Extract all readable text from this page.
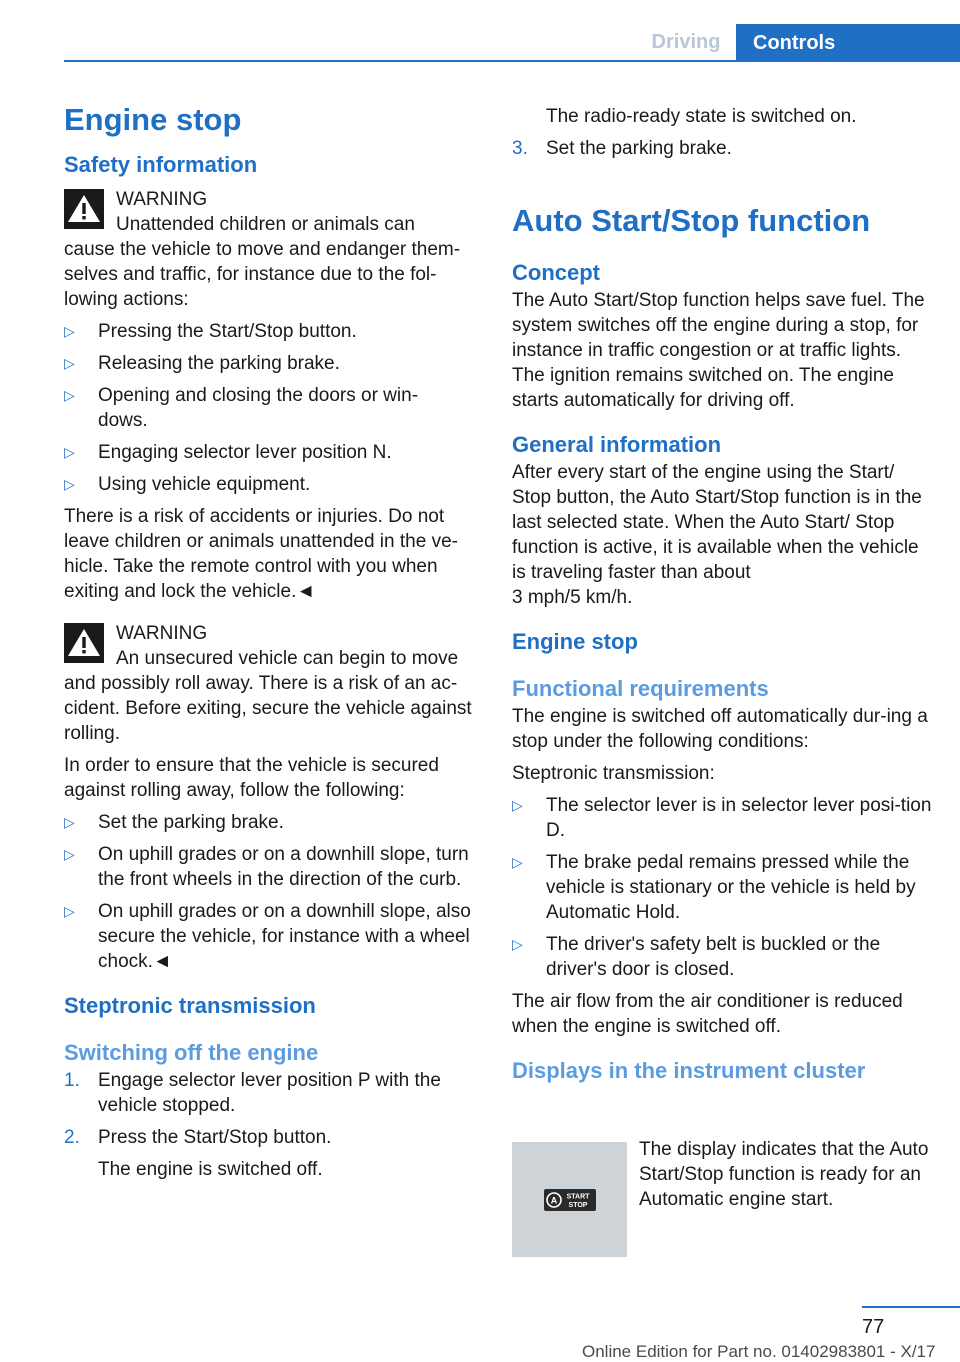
Driving	Controls
Engine stop
Safety information

WARNING

Unattended children or animals can

cause the vehicle to move and endanger them-
selves and traffic, for instance due to the fol-
lowing actions:

▷ Pressing the Start/Stop button.
▷ Releasing the parking brake.
▷ Opening and closing the doors or win-
dows.
▷ Engaging selector lever position N.
▷ Using vehicle equipment.

There is a risk of accidents or injuries. Do not leave children or animals unattended in the ve-hicle. Take the remote control with you when exiting and lock the vehicle.◄

WARNING

An unsecured vehicle can begin to move

and possibly roll away. There is a risk of an ac-cident. Before exiting, secure the vehicle against rolling.

In order to ensure that the vehicle is secured against rolling away, follow the following:

▷ Set the parking brake.
▷ On uphill grades or on a downhill slope, turn the front wheels in the direction of the curb.
▷ On uphill grades or on a downhill slope, also secure the vehicle, for instance with a wheel chock.◄
Steptronic transmission
Switching off the engine
1. Engage selector lever position P with the vehicle stopped.
2. Press the Start/Stop button.

The engine is switched off.

The radio-ready state is switched on.

3. Set the parking brake.
Auto Start/Stop function
Concept

The Auto Start/Stop function helps save fuel. The system switches off the engine during a stop, for instance in traffic congestion or at traffic lights. The ignition remains switched on. The engine starts automatically for driving off.

General information

After every start of the engine using the Start/ Stop button, the Auto Start/Stop function is in the last selected state. When the Auto Start/ Stop function is active, it is available when the vehicle is traveling faster than about

3 mph/5 km/h.

Engine stop
Functional requirements

The engine is switched off automatically dur-ing a stop under the following conditions:

Steptronic transmission:

▷ The selector lever is in selector lever posi-tion D.
▷ The brake pedal remains pressed while the vehicle is stationary or the vehicle is held by Automatic Hold.
▷ The driver's safety belt is buckled or the driver's door is closed.

The air flow from the air conditioner is reduced when the engine is switched off.

Displays in the instrument cluster
A START
STOP

The display indicates that the Auto Start/Stop function is ready for an Automatic engine start.

77
Online Edition for Part no. 01402983801 - X/17
